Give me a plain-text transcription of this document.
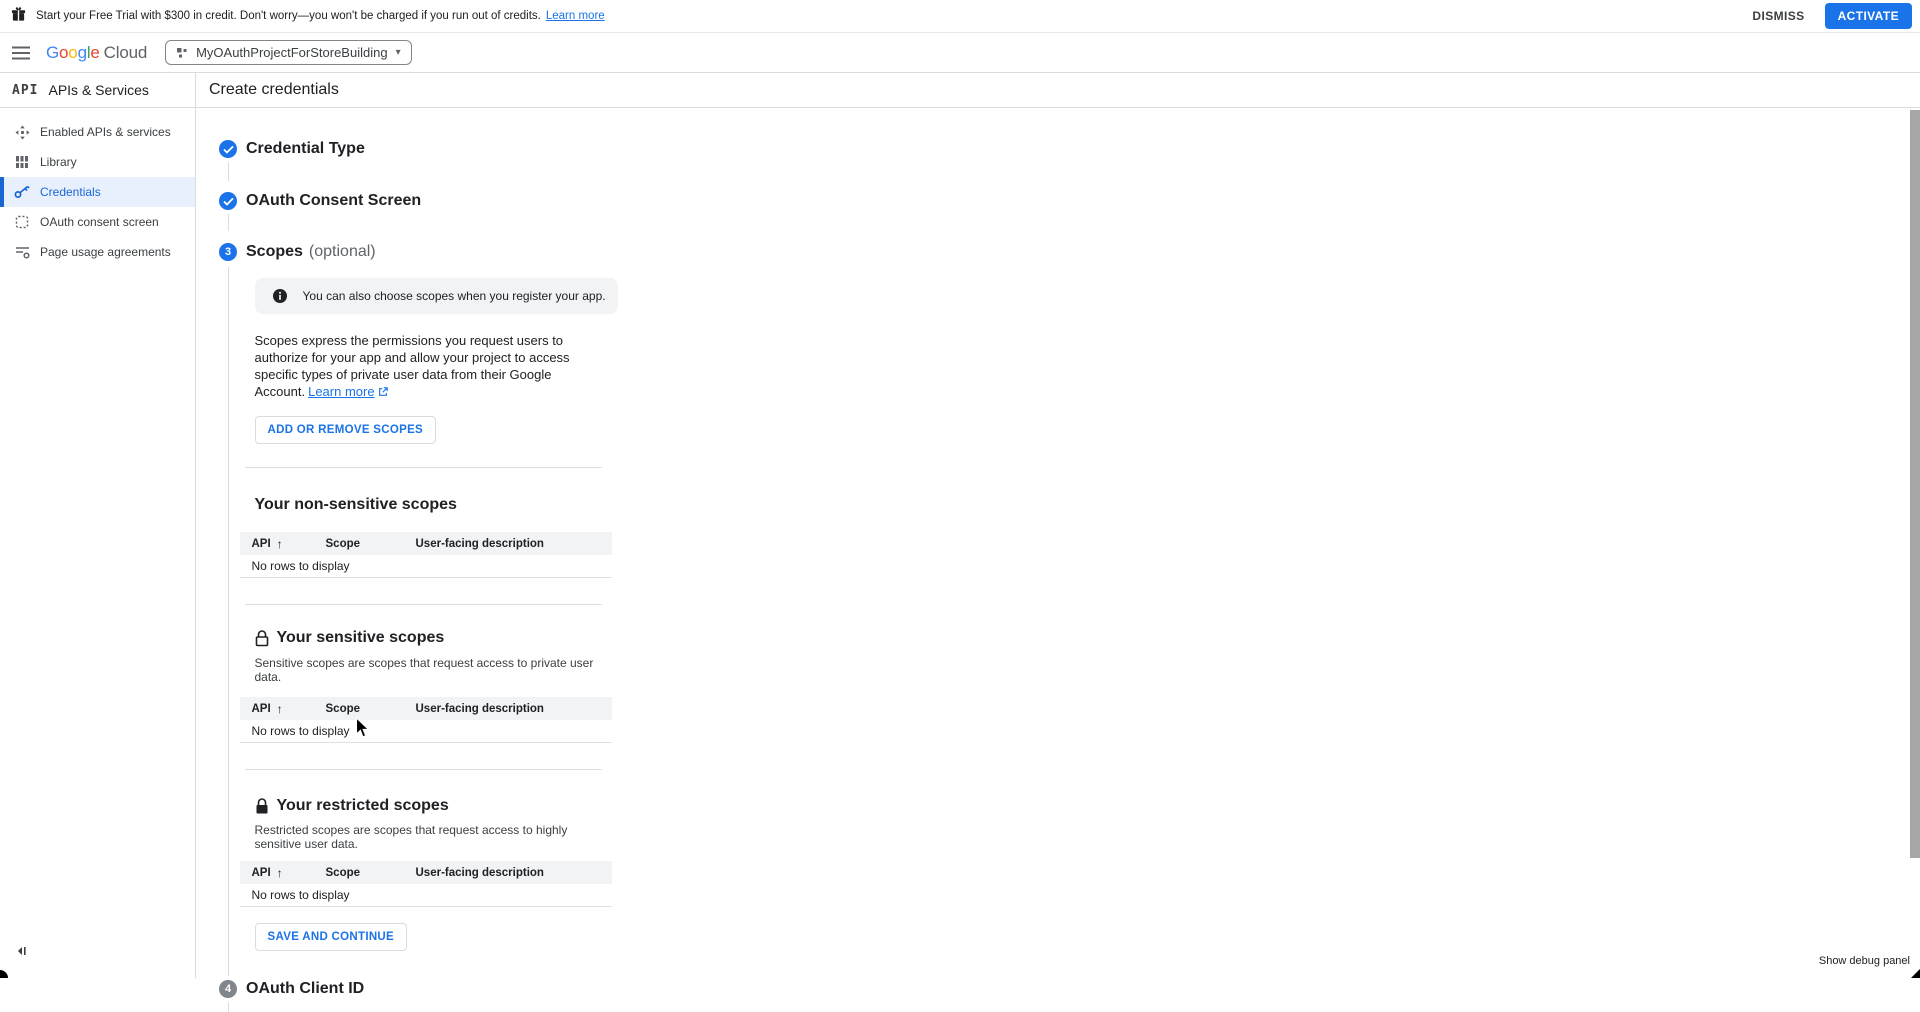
Start your Free Trial with $300 in credit. Don't worry—you won't be charged if you run out of credits. Learn more	DISMISS	ACTIVATE
Google Cloud	MyOAuthProjectForStoreBuilding ▾
Search (/) for resources, docs, products, and more
API APIs & Services
Enabled APIs & services
Library
Credentials
OAuth consent screen
Page usage agreements
Create credentials
Credential Type
OAuth Consent Screen
3 Scopes (optional)
You can also choose scopes when you register your app.
Scopes express the permissions you request users to authorize for your app and allow your project to access specific types of private user data from their Google Account. Learn more
ADD OR REMOVE SCOPES
Your non-sensitive scopes
API ↑	Scope	User-facing description
No rows to display
Your sensitive scopes
Sensitive scopes are scopes that request access to private user data.
API ↑	Scope	User-facing description
No rows to display
Your restricted scopes
Restricted scopes are scopes that request access to highly sensitive user data.
API ↑	Scope	User-facing description
No rows to display
SAVE AND CONTINUE
4 OAuth Client ID
Show debug panel
